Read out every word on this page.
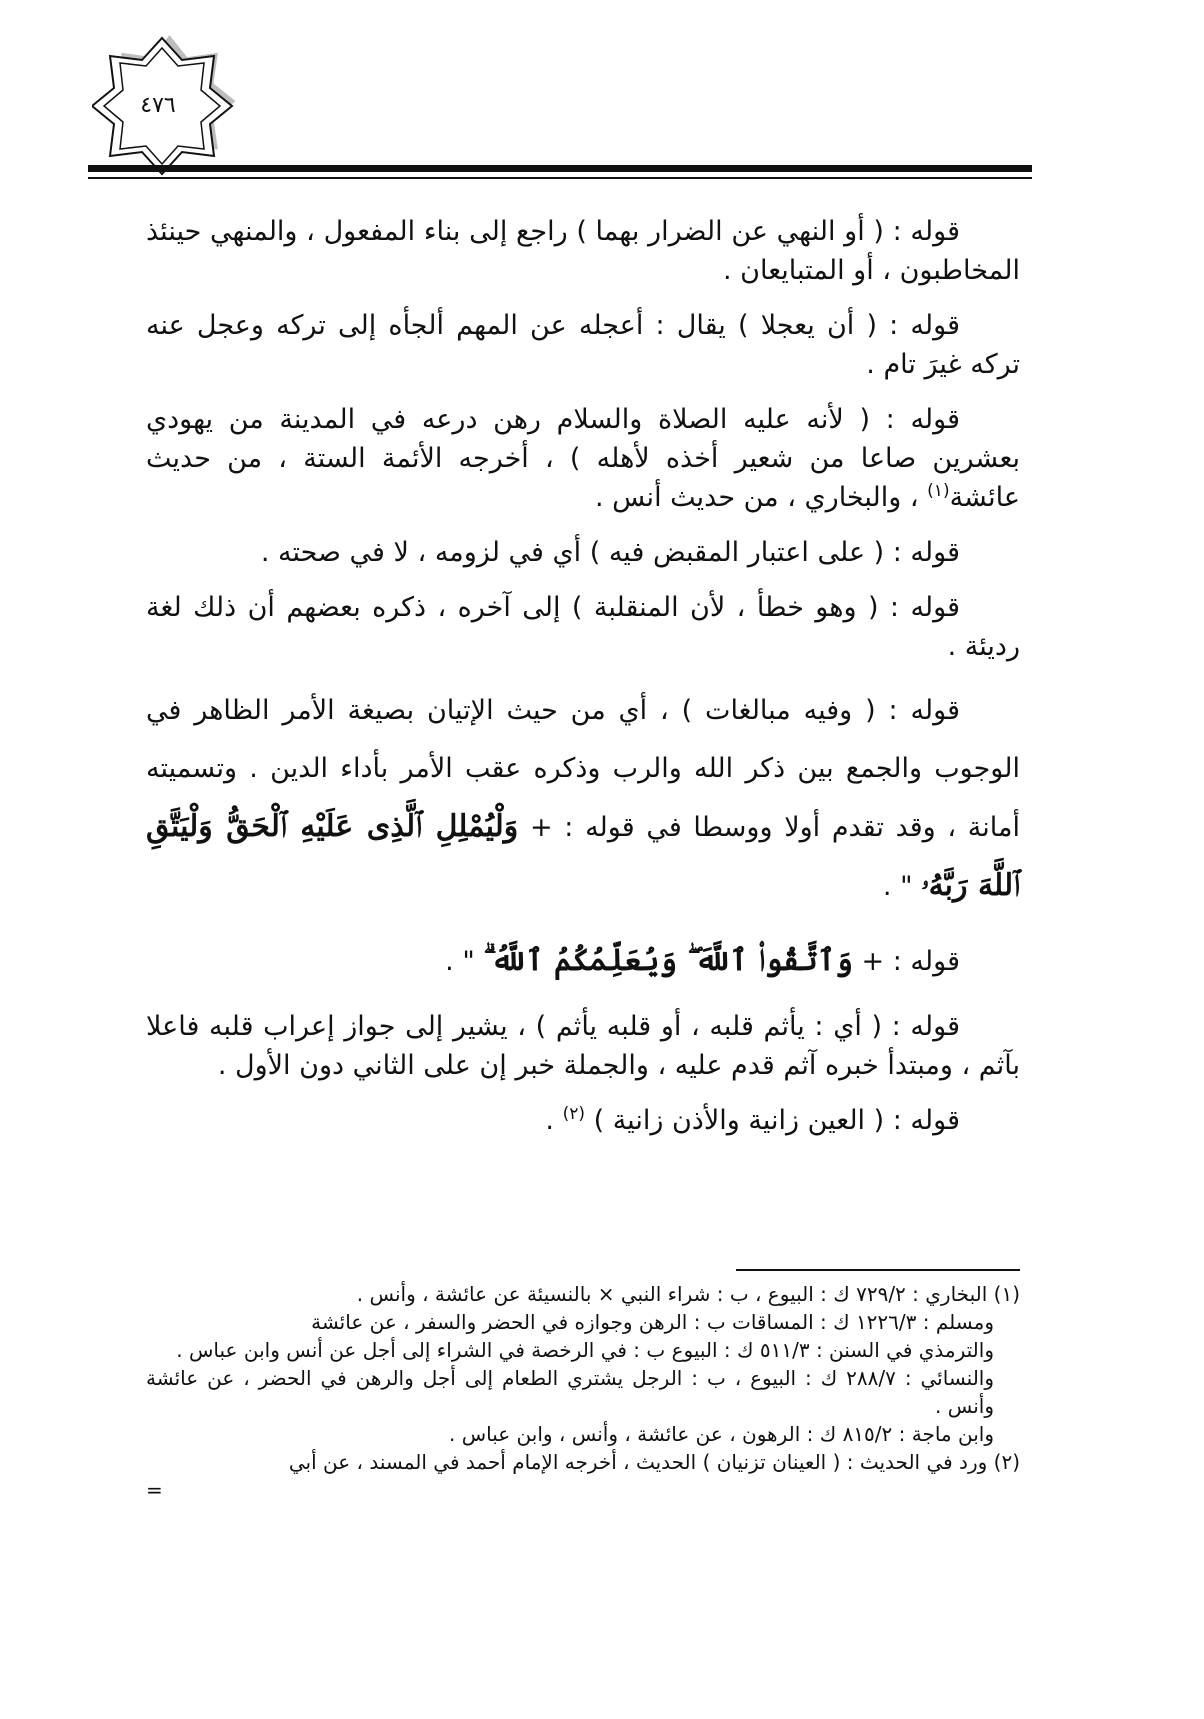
٤٧٦

قوله : ( أو النهي عن الضرار بهما ) راجع إلى بناء المفعول ، والمنهي حينئذ المخاطبون ، أو المتبايعان .

قوله : ( أن يعجلا ) يقال : أعجله عن المهم ألجأه إلى تركه وعجل عنه تركه غيرَ تام .

قوله : ( لأنه عليه الصلاة والسلام رهن درعه في المدينة من يهودي بعشرين صاعا من شعير أخذه لأهله ) ، أخرجه الأئمة الستة ، من حديث عائشة$^{(١)}$ ، والبخاري ، من حديث أنس .

قوله : ( على اعتبار المقبض فيه ) أي في لزومه ، لا في صحته .

قوله : ( وهو خطأ ، لأن المنقلبة ) إلى آخره ، ذكره بعضهم أن ذلك لغة رديئة .

قوله : ( وفيه مبالغات ) ، أي من حيث الإتيان بصيغة الأمر الظاهر في الوجوب والجمع بين ذكر الله والرب وذكره عقب الأمر بأداء الدين . وتسميته أمانة ، وقد تقدم أولا ووسطا في قوله : + وَلْيُمْلِلِ ٱلَّذِى عَلَيْهِ ٱلْحَقُّ وَلْيَتَّقِ ٱللَّهَ رَبَّهُۥ " .

قوله : + وَٱتَّقُوا۟ ٱللَّهَ ۖ وَيُعَلِّمُكُمُ ٱللَّهُ ۗ " .

قوله : ( أي : يأثم قلبه ، أو قلبه يأثم ) ، يشير إلى جواز إعراب قلبه فاعلا بآثم ، ومبتدأ خبره آثم قدم عليه ، والجملة خبر إن على الثاني دون الأول .

قوله : ( العين زانية والأذن زانية ) $^{(٢)}$ .

(١) البخاري : ٧٢٩/٢ ك : البيوع ، ب : شراء النبي × بالنسيئة عن عائشة ، وأنس .

ومسلم : ١٢٢٦/٣ ك : المساقات ب : الرهن وجوازه في الحضر والسفر ، عن عائشة

والترمذي في السنن : ٥١١/٣ ك : البيوع ب : في الرخصة في الشراء إلى أجل عن أنس وابن عباس .

والنسائي : ٢٨٨/٧ ك : البيوع ، ب : الرجل يشتري الطعام إلى أجل والرهن في الحضر ، عن عائشة وأنس .

وابن ماجة : ٨١٥/٢ ك : الرهون ، عن عائشة ، وأنس ، وابن عباس .

(٢) ورد في الحديث : ( العينان تزنيان ) الحديث ، أخرجه الإمام أحمد في المسند ، عن أبي

=
